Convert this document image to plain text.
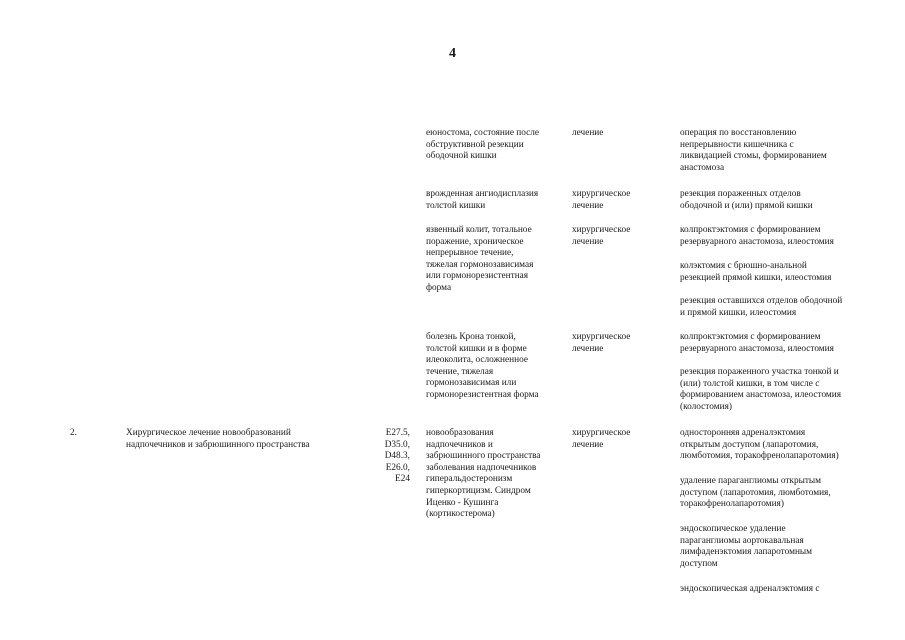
4
еюностома, состояние после
обструктивной резекции
ободочной кишки
лечение	операция по восстановлению
непрерывности кишечника с
ликвидацией стомы, формированием
анастомоза
врожденная ангиодисплазия
толстой кишки
хирургическое
лечение
резекция пораженных отделов
ободочной и (или) прямой кишки
язвенный колит, тотальное
поражение, хроническое
непрерывное течение,
тяжелая гормонозависимая
или гормонорезистентная
форма
хирургическое
лечение
колпроктэктомия с формированием
резервуарного анастомоза, илеостомия
колэктомия с брюшно-анальной
резекцией прямой кишки, илеостомия
резекция оставшихся отделов ободочной
и прямой кишки, илеостомия
болезнь Крона тонкой,
толстой кишки и в форме
илеоколита, осложненное
течение, тяжелая
гормонозависимая или
гормонорезистентная форма
хирургическое
лечение
колпроктэктомия с формированием
резервуарного анастомоза, илеостомия
резекция пораженного участка тонкой и
(или) толстой кишки, в том числе с
формированием анастомоза, илеостомия
(колостомия)
2.	Хирургическое лечение новообразований
надпочечников и забрюшинного пространства
E27.5,
D35.0,
D48.3,
E26.0,
E24
новообразования
надпочечников и
забрюшинного пространства
заболевания надпочечников
гиперальдостеронизм
гиперкортицизм. Синдром
Иценко - Кушинга
(кортикостерома)
хирургическое
лечение
односторонняя адреналэктомия
открытым доступом (лапаротомия,
люмботомия, торакофренолапаротомия)
удаление параганглиомы открытым
доступом (лапаротомия, люмботомия,
торакофренолапаротомия)
эндоскопическое удаление
параганглиомы аортокавальная
лимфаденэктомия лапаротомным
доступом
эндоскопическая адреналэктомия с
